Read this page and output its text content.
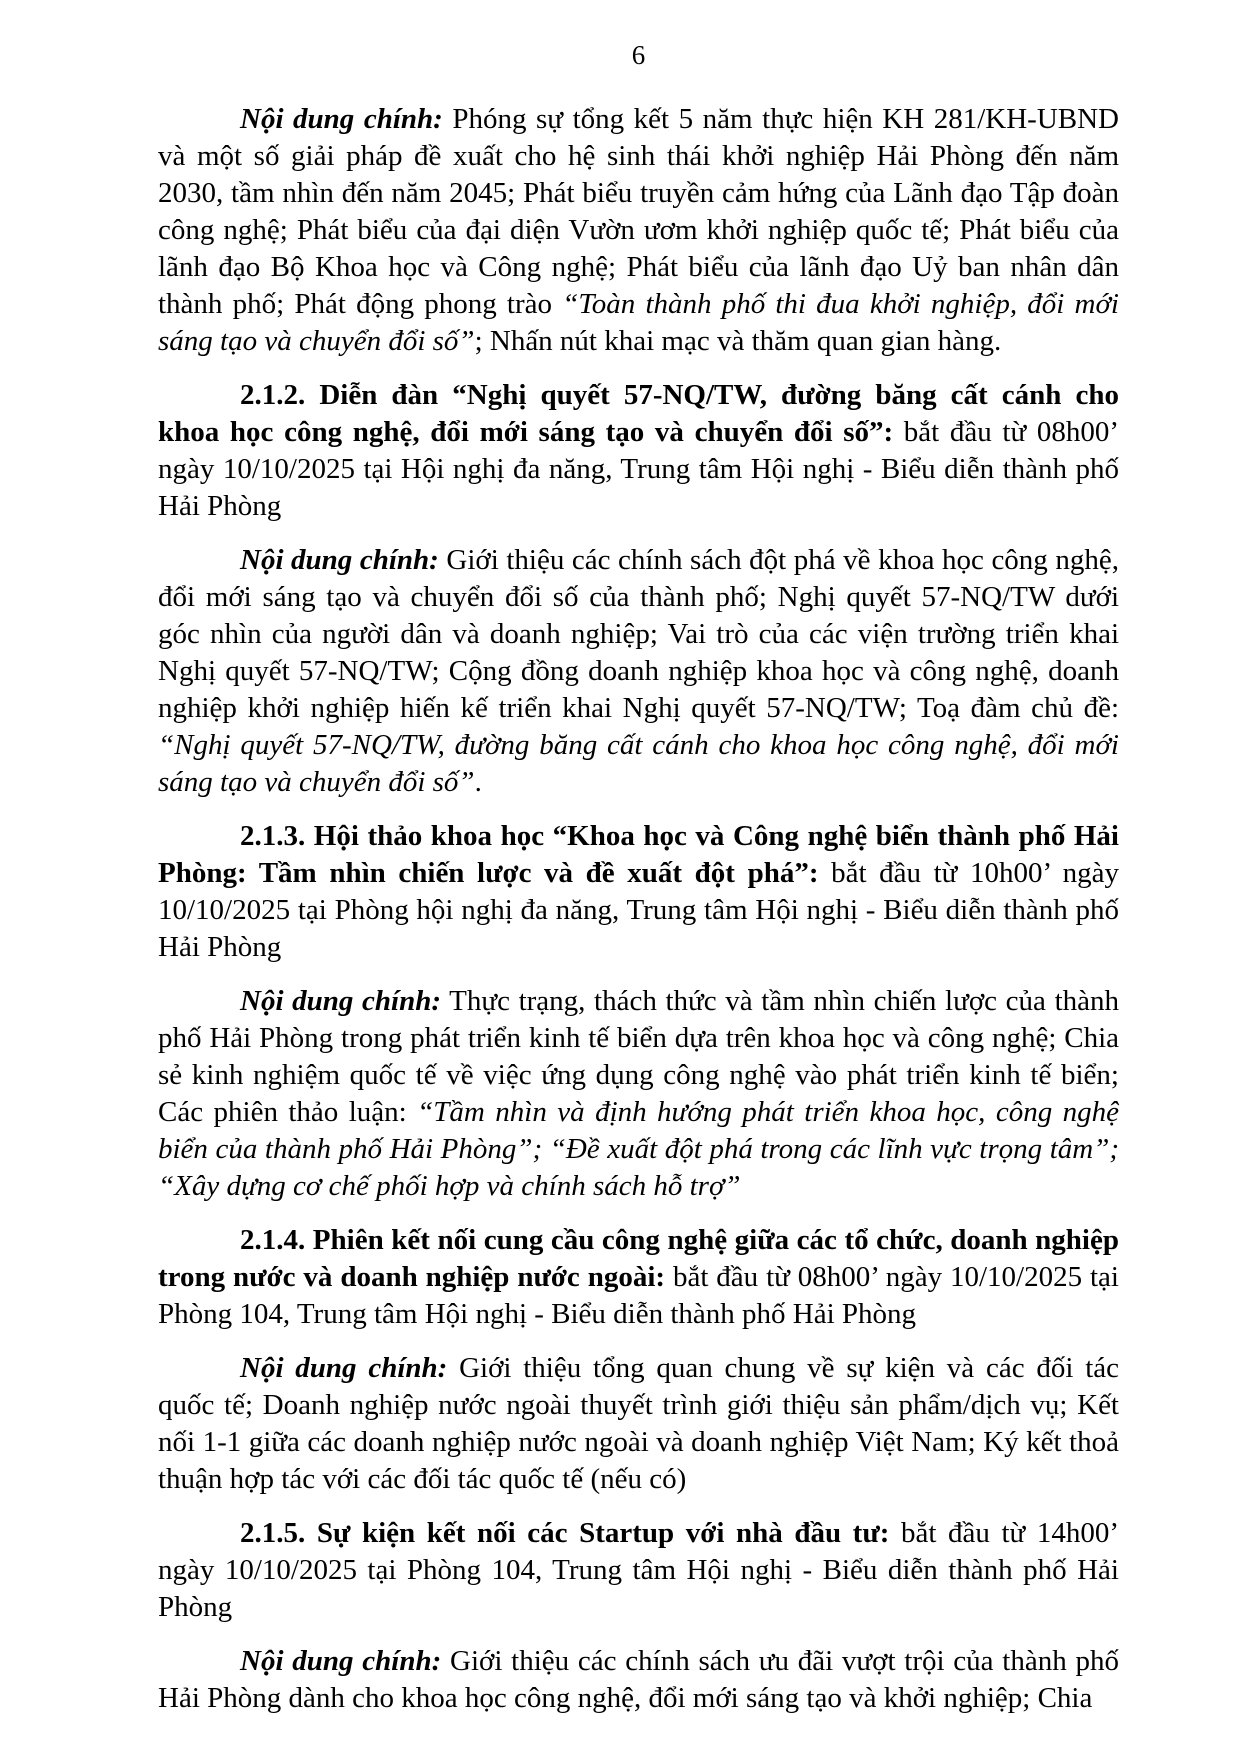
6

Nội dung chính: Phóng sự tổng kết 5 năm thực hiện KH 281/KH-UBND và một số giải pháp đề xuất cho hệ sinh thái khởi nghiệp Hải Phòng đến năm 2030, tầm nhìn đến năm 2045; Phát biểu truyền cảm hứng của Lãnh đạo Tập đoàn công nghệ; Phát biểu của đại diện Vườn ươm khởi nghiệp quốc tế; Phát biểu của lãnh đạo Bộ Khoa học và Công nghệ; Phát biểu của lãnh đạo Uỷ ban nhân dân thành phố; Phát động phong trào “Toàn thành phố thi đua khởi nghiệp, đổi mới sáng tạo và chuyển đổi số”; Nhấn nút khai mạc và thăm quan gian hàng.

2.1.2. Diễn đàn “Nghị quyết 57-NQ/TW, đường băng cất cánh cho khoa học công nghệ, đổi mới sáng tạo và chuyển đổi số”: bắt đầu từ 08h00’ ngày 10/10/2025 tại Hội nghị đa năng, Trung tâm Hội nghị - Biểu diễn thành phố Hải Phòng

Nội dung chính: Giới thiệu các chính sách đột phá về khoa học công nghệ, đổi mới sáng tạo và chuyển đổi số của thành phố; Nghị quyết 57-NQ/TW dưới góc nhìn của người dân và doanh nghiệp; Vai trò của các viện trường triển khai Nghị quyết 57-NQ/TW; Cộng đồng doanh nghiệp khoa học và công nghệ, doanh nghiệp khởi nghiệp hiến kế triển khai Nghị quyết 57-NQ/TW; Toạ đàm chủ đề: “Nghị quyết 57-NQ/TW, đường băng cất cánh cho khoa học công nghệ, đổi mới sáng tạo và chuyển đổi số”.

2.1.3. Hội thảo khoa học “Khoa học và Công nghệ biển thành phố Hải Phòng: Tầm nhìn chiến lược và đề xuất đột phá”: bắt đầu từ 10h00’ ngày 10/10/2025 tại Phòng hội nghị đa năng, Trung tâm Hội nghị - Biểu diễn thành phố Hải Phòng

Nội dung chính: Thực trạng, thách thức và tầm nhìn chiến lược của thành phố Hải Phòng trong phát triển kinh tế biển dựa trên khoa học và công nghệ; Chia sẻ kinh nghiệm quốc tế về việc ứng dụng công nghệ vào phát triển kinh tế biển; Các phiên thảo luận: “Tầm nhìn và định hướng phát triển khoa học, công nghệ biển của thành phố Hải Phòng”; “Đề xuất đột phá trong các lĩnh vực trọng tâm”; “Xây dựng cơ chế phối hợp và chính sách hỗ trợ”

2.1.4. Phiên kết nối cung cầu công nghệ giữa các tổ chức, doanh nghiệp trong nước và doanh nghiệp nước ngoài: bắt đầu từ 08h00’ ngày 10/10/2025 tại Phòng 104, Trung tâm Hội nghị - Biểu diễn thành phố Hải Phòng

Nội dung chính: Giới thiệu tổng quan chung về sự kiện và các đối tác quốc tế; Doanh nghiệp nước ngoài thuyết trình giới thiệu sản phẩm/dịch vụ; Kết nối 1-1 giữa các doanh nghiệp nước ngoài và doanh nghiệp Việt Nam; Ký kết thoả thuận hợp tác với các đối tác quốc tế (nếu có)

2.1.5. Sự kiện kết nối các Startup với nhà đầu tư: bắt đầu từ 14h00’ ngày 10/10/2025 tại Phòng 104, Trung tâm Hội nghị - Biểu diễn thành phố Hải Phòng

Nội dung chính: Giới thiệu các chính sách ưu đãi vượt trội của thành phố Hải Phòng dành cho khoa học công nghệ, đổi mới sáng tạo và khởi nghiệp; Chia
